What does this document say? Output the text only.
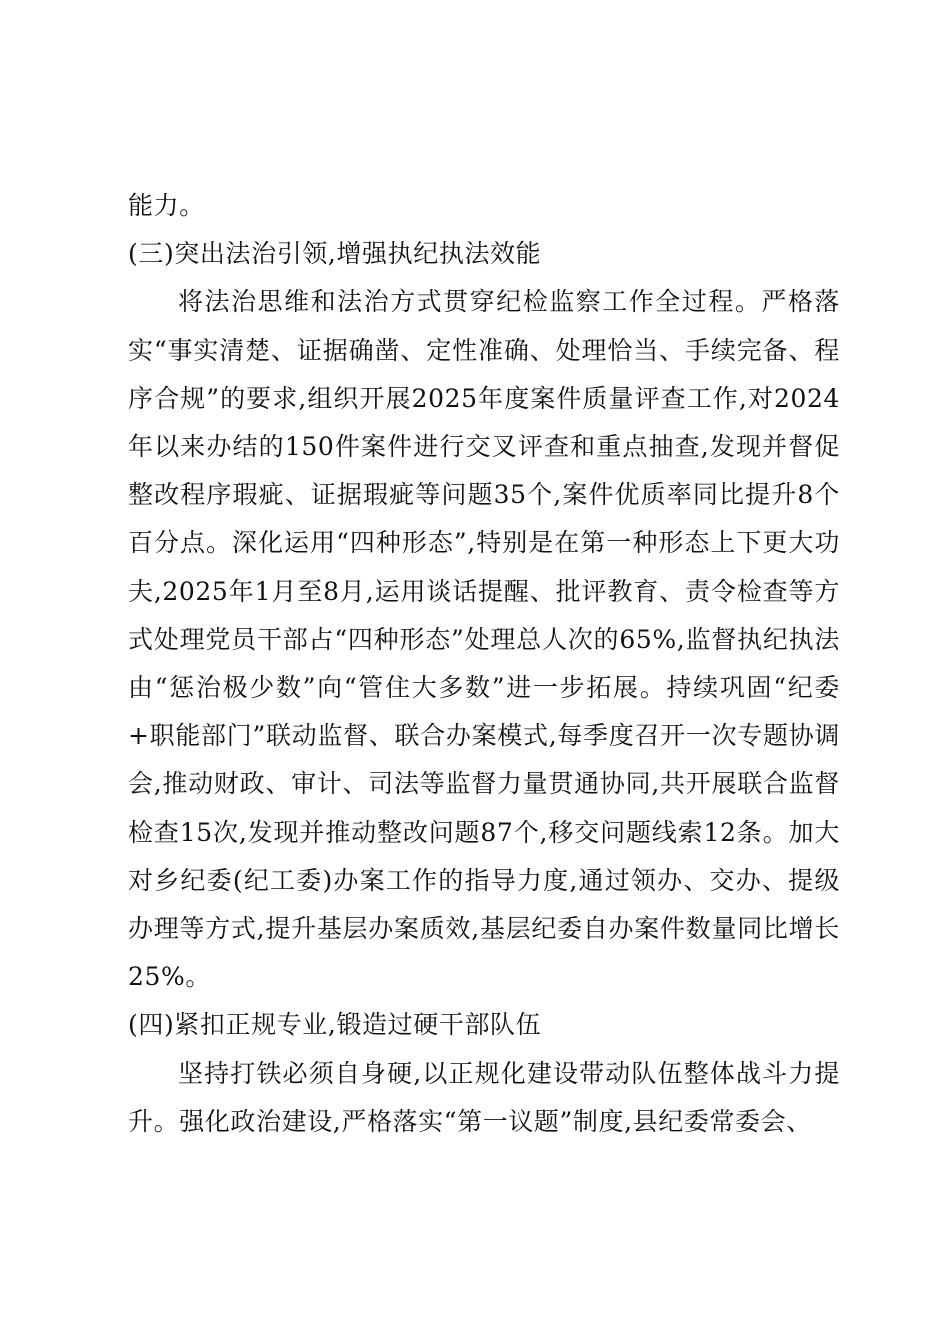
能力。

(三)突出法治引领,增强执纪执法效能

将法治思维和法治方式贯穿纪检监察工作全过程。严格落实“事实清楚、证据确凿、定性准确、处理恰当、手续完备、程序合规”的要求,组织开展2025年度案件质量评查工作,对2024年以来办结的150件案件进行交叉评查和重点抽查,发现并督促整改程序瑕疵、证据瑕疵等问题35个,案件优质率同比提升8个百分点。深化运用“四种形态”,特别是在第一种形态上下更大功夫,2025年1月至8月,运用谈话提醒、批评教育、责令检查等方式处理党员干部占“四种形态”处理总人次的65%,监督执纪执法由“惩治极少数”向“管住大多数”进一步拓展。持续巩固“纪委+职能部门”联动监督、联合办案模式,每季度召开一次专题协调会,推动财政、审计、司法等监督力量贯通协同,共开展联合监督检查15次,发现并推动整改问题87个,移交问题线索12条。加大对乡纪委(纪工委)办案工作的指导力度,通过领办、交办、提级办理等方式,提升基层办案质效,基层纪委自办案件数量同比增长25%。

(四)紧扣正规专业,锻造过硬干部队伍

坚持打铁必须自身硬,以正规化建设带动队伍整体战斗力提升。强化政治建设,严格落实“第一议题”制度,县纪委常委会、
